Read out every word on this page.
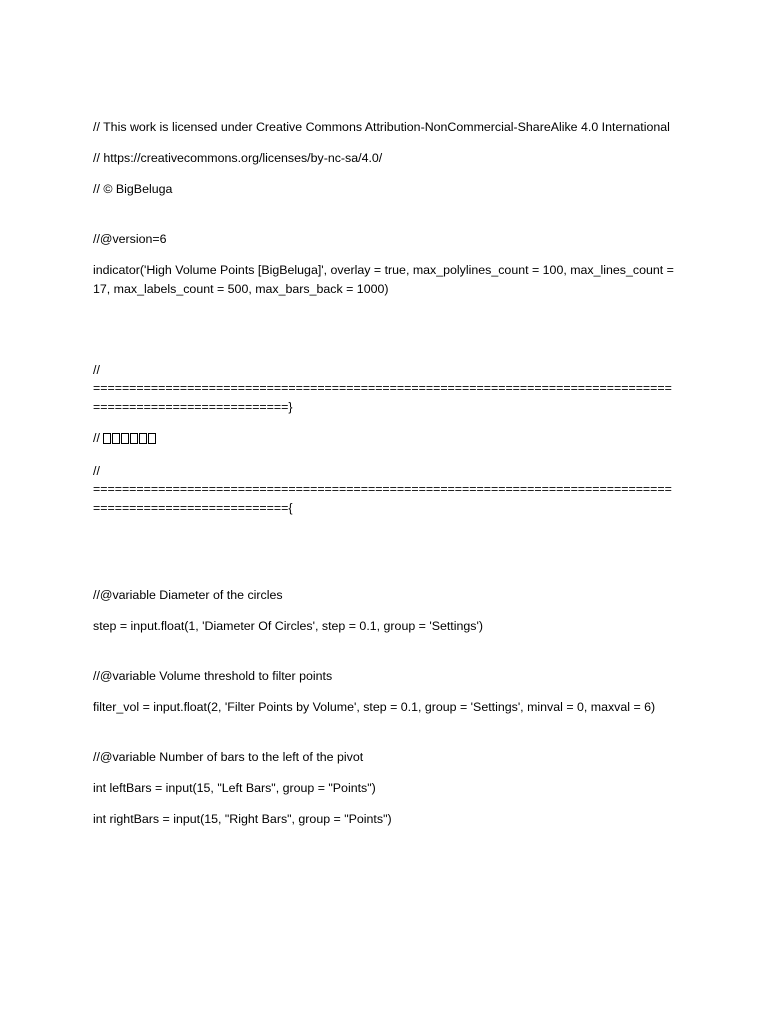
// This work is licensed under Creative Commons Attribution-NonCommercial-ShareAlike 4.0 International

// https://creativecommons.org/licenses/by-nc-sa/4.0/

// © BigBeluga

//@version=6

indicator('High Volume Points [BigBeluga]', overlay = true, max_polylines_count = 100, max_lines_count = 17, max_labels_count = 500, max_bars_back = 1000)

//
===========================================================================================================}

//

//
==========================================================================================================={

//@variable Diameter of the circles

step = input.float(1, 'Diameter Of Circles', step = 0.1, group = 'Settings')

//@variable Volume threshold to filter points

filter_vol = input.float(2, 'Filter Points by Volume', step = 0.1, group = 'Settings', minval = 0, maxval = 6)

//@variable Number of bars to the left of the pivot

int leftBars = input(15, "Left Bars", group = "Points")

int rightBars = input(15, "Right Bars", group = "Points")
